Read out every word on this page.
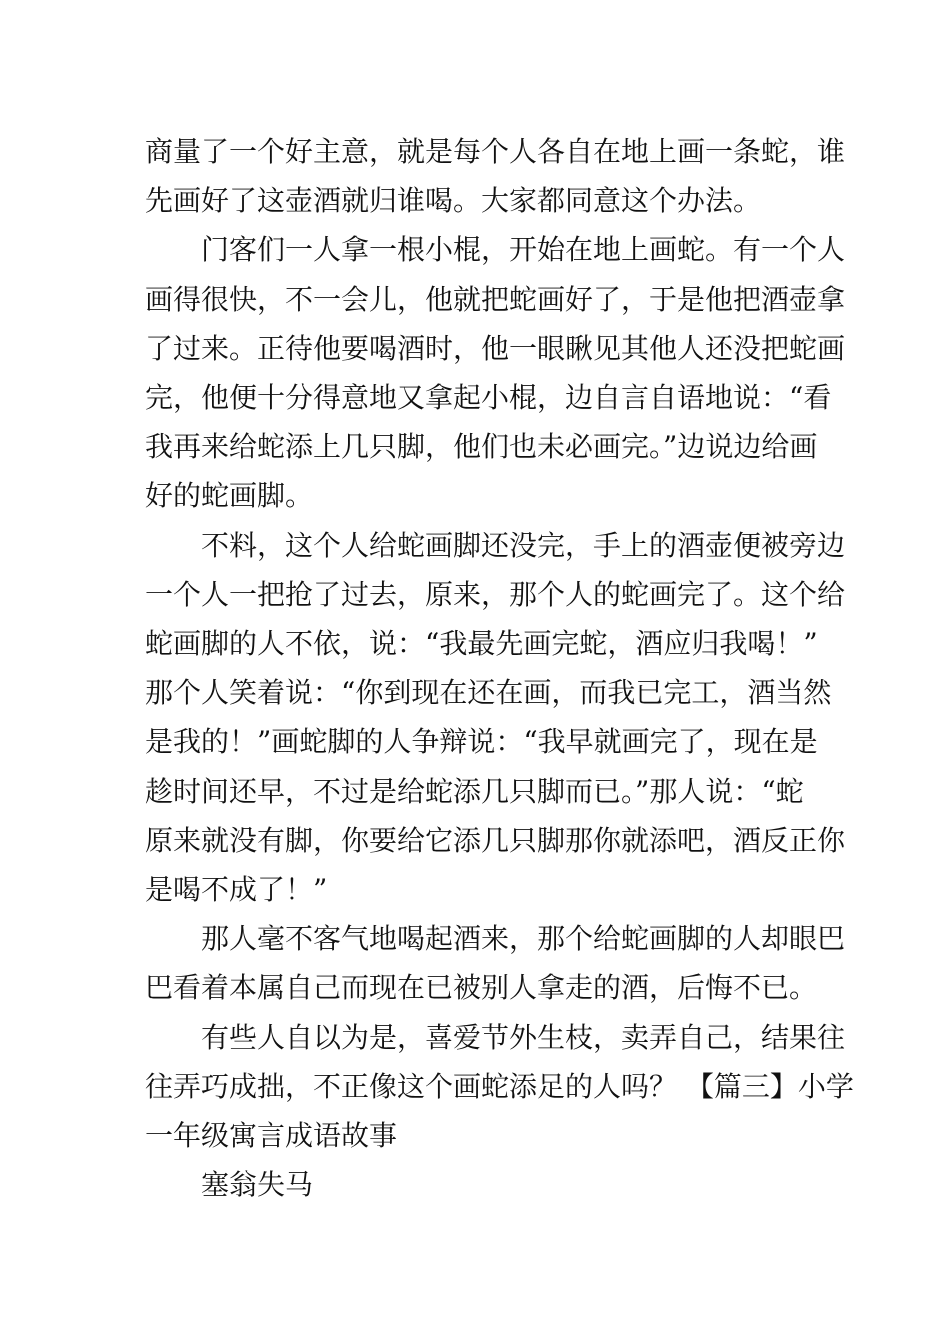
商量了一个好主意，就是每个人各自在地上画一条蛇，谁
先画好了这壶酒就归谁喝。大家都同意这个办法。

门客们一人拿一根小棍，开始在地上画蛇。有一个人
画得很快，不一会儿，他就把蛇画好了，于是他把酒壶拿
了过来。正待他要喝酒时，他一眼瞅见其他人还没把蛇画
完，他便十分得意地又拿起小棍，边自言自语地说：“看
我再来给蛇添上几只脚，他们也未必画完。”边说边给画
好的蛇画脚。

不料，这个人给蛇画脚还没完，手上的酒壶便被旁边
一个人一把抢了过去，原来，那个人的蛇画完了。这个给
蛇画脚的人不依，说：“我最先画完蛇，酒应归我喝！”
那个人笑着说：“你到现在还在画，而我已完工，酒当然
是我的！”画蛇脚的人争辩说：“我早就画完了，现在是
趁时间还早，不过是给蛇添几只脚而已。”那人说：“蛇
原来就没有脚，你要给它添几只脚那你就添吧，酒反正你
是喝不成了！”

那人毫不客气地喝起酒来，那个给蛇画脚的人却眼巴
巴看着本属自己而现在已被别人拿走的酒，后悔不已。

有些人自以为是，喜爱节外生枝，卖弄自己，结果往
往弄巧成拙，不正像这个画蛇添足的人吗？ 【篇三】小学
一年级寓言成语故事

塞翁失马
